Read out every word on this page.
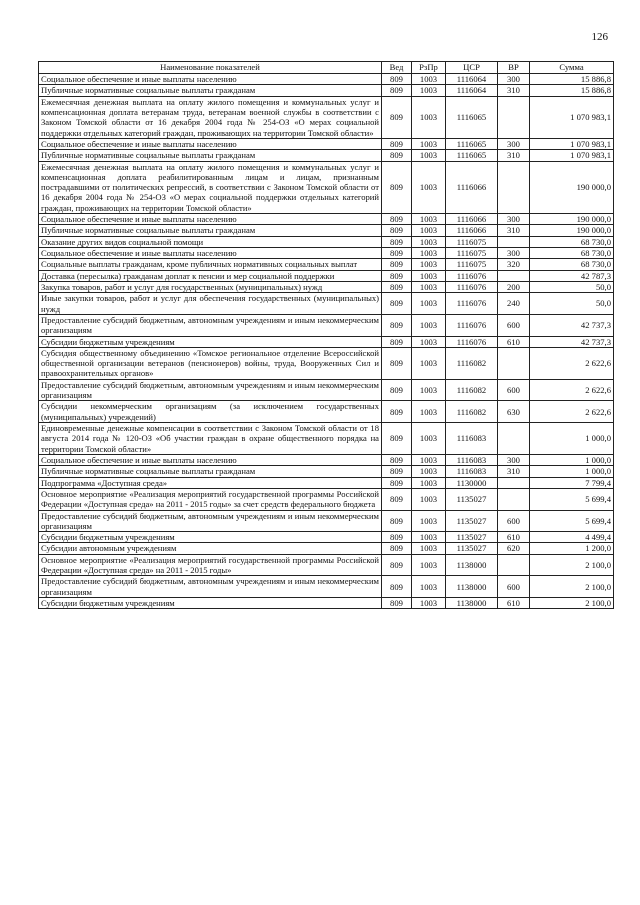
126
Наименование показателей	Вед	РзПр	ЦСР	ВР	Сумма
Социальное обеспечение и иные выплаты населению	809	1003	1116064	300	15 886,8
Публичные нормативные социальные выплаты гражданам	809	1003	1116064	310	15 886,8
Ежемесячная денежная выплата на оплату жилого помещения и коммунальных услуг и компенсационная доплата ветеранам труда, ветеранам военной службы в соответствии с Законом Томской области от 16 декабря 2004 года № 254-ОЗ «О мерах социальной поддержки отдельных категорий граждан, проживающих на территории Томской области»	809	1003	1116065		1 070 983,1
Социальное обеспечение и иные выплаты населению	809	1003	1116065	300	1 070 983,1
Публичные нормативные социальные выплаты гражданам	809	1003	1116065	310	1 070 983,1
Ежемесячная денежная выплата на оплату жилого помещения и коммунальных услуг и компенсационная доплата реабилитированным лицам и лицам, признанным пострадавшими от политических репрессий, в соответствии с Законом Томской области от 16 декабря 2004 года № 254-ОЗ «О мерах социальной поддержки отдельных категорий граждан, проживающих на территории Томской области»	809	1003	1116066		190 000,0
Социальное обеспечение и иные выплаты населению	809	1003	1116066	300	190 000,0
Публичные нормативные социальные выплаты гражданам	809	1003	1116066	310	190 000,0
Оказание других видов социальной помощи	809	1003	1116075		68 730,0
Социальное обеспечение и иные выплаты населению	809	1003	1116075	300	68 730,0
Социальные выплаты гражданам, кроме публичных нормативных социальных выплат	809	1003	1116075	320	68 730,0
Доставка (пересылка) гражданам доплат к пенсии и мер социальной поддержки	809	1003	1116076		42 787,3
Закупка товаров, работ и услуг для государственных (муниципальных) нужд	809	1003	1116076	200	50,0
Иные закупки товаров, работ и услуг для обеспечения государственных (муниципальных) нужд	809	1003	1116076	240	50,0
Предоставление субсидий бюджетным, автономным учреждениям и иным некоммерческим организациям	809	1003	1116076	600	42 737,3
Субсидии бюджетным учреждениям	809	1003	1116076	610	42 737,3
Субсидия общественному объединению «Томское региональное отделение Всероссийской общественной организации ветеранов (пенсионеров) войны, труда, Вооруженных Сил и правоохранительных органов»	809	1003	1116082		2 622,6
Предоставление субсидий бюджетным, автономным учреждениям и иным некоммерческим организациям	809	1003	1116082	600	2 622,6
Субсидии некоммерческим организациям (за исключением государственных (муниципальных) учреждений)	809	1003	1116082	630	2 622,6
Единовременные денежные компенсации в соответствии с Законом Томской области от 18 августа 2014 года № 120-ОЗ «Об участии граждан в охране общественного порядка на территории Томской области»	809	1003	1116083		1 000,0
Социальное обеспечение и иные выплаты населению	809	1003	1116083	300	1 000,0
Публичные нормативные социальные выплаты гражданам	809	1003	1116083	310	1 000,0
Подпрограмма «Доступная среда»	809	1003	1130000		7 799,4
Основное мероприятие «Реализация мероприятий государственной программы Российской Федерации «Доступная среда» на 2011 - 2015 годы» за счет средств федерального бюджета	809	1003	1135027		5 699,4
Предоставление субсидий бюджетным, автономным учреждениям и иным некоммерческим организациям	809	1003	1135027	600	5 699,4
Субсидии бюджетным учреждениям	809	1003	1135027	610	4 499,4
Субсидии автономным учреждениям	809	1003	1135027	620	1 200,0
Основное мероприятие «Реализация мероприятий государственной программы Российской Федерации «Доступная среда» на 2011 - 2015 годы»	809	1003	1138000		2 100,0
Предоставление субсидий бюджетным, автономным учреждениям и иным некоммерческим организациям	809	1003	1138000	600	2 100,0
Субсидии бюджетным учреждениям	809	1003	1138000	610	2 100,0
